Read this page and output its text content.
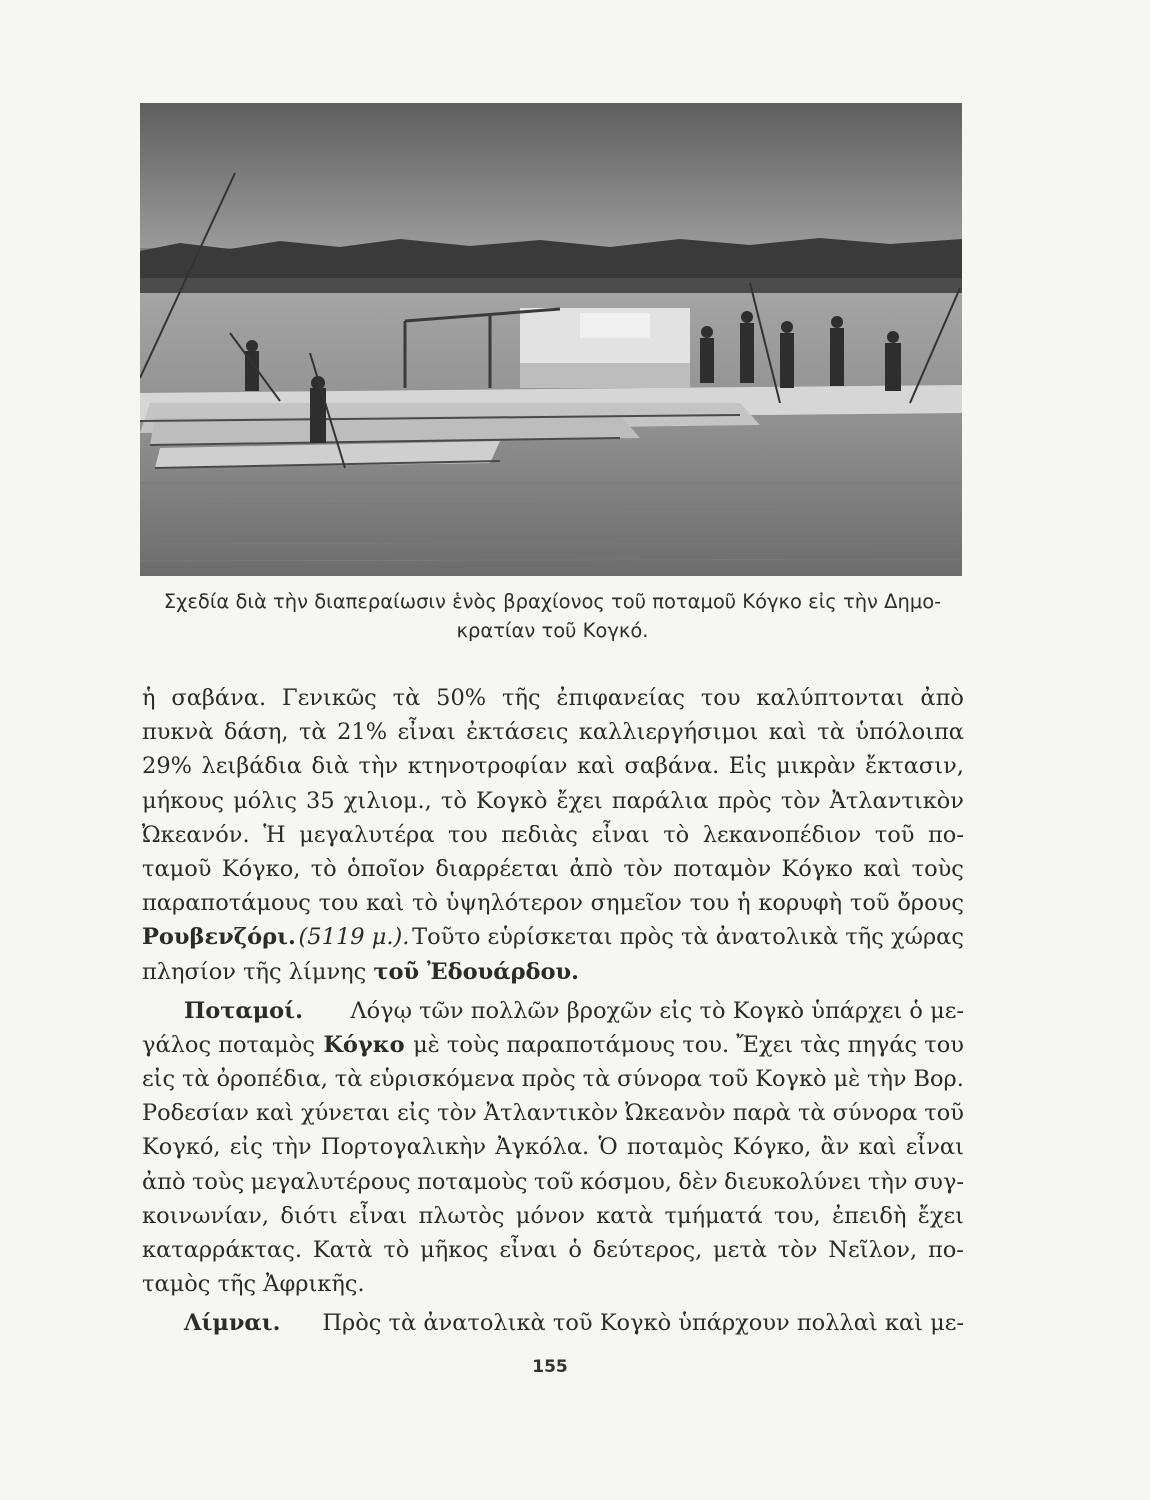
Σχεδία διὰ τὴν διαπεραίωσιν ἑνὸς βραχίονος τοῦ ποταμοῦ Κόγκο εἰς τὴν Δημο-
κρατίαν τοῦ Κογκό.
ἡ σαβάνα. Γενικῶς τὰ 50% τῆς ἐπιφανείας του καλύπτονται ἀπὸ
πυκνὰ δάση, τὰ 21% εἶναι ἐκτάσεις καλλιεργήσιμοι καὶ τὰ ὑπόλοιπα
29% λειβάδια διὰ τὴν κτηνοτροφίαν καὶ σαβάνα. Εἰς μικρὰν ἔκτασιν,
μήκους μόλις 35 χιλιομ., τὸ Κογκὸ ἔχει παράλια πρὸς τὸν Ἀτλαντικὸν
Ὠκεανόν. Ἡ μεγαλυτέρα του πεδιὰς εἶναι τὸ λεκανοπέδιον τοῦ πο-
ταμοῦ Κόγκο, τὸ ὁποῖον διαρρέεται ἀπὸ τὸν ποταμὸν Κόγκο καὶ τοὺς
παραποτάμους του καὶ τὸ ὑψηλότερον σημεῖον του ἡ κορυφὴ τοῦ ὄρους
Ρουβενζόρι. (5119 μ.). Τοῦτο εὑρίσκεται πρὸς τὰ ἀνατολικὰ τῆς χώρας
πλησίον τῆς λίμνης
τοῦ Ἐδουάρδου.
Ποταμοί. Λόγῳ τῶν πολλῶν βροχῶν εἰς τὸ Κογκὸ ὑπάρχει ὁ με-
γάλος ποταμὸς Κόγκο μὲ τοὺς παραποτάμους του. Ἔχει τὰς πηγάς του
εἰς τὰ ὀροπέδια, τὰ εὑρισκόμενα πρὸς τὰ σύνορα τοῦ Κογκὸ μὲ τὴν Βορ.
Ροδεσίαν καὶ χύνεται εἰς τὸν Ἀτλαντικὸν Ὠκεανὸν παρὰ τὰ σύνορα τοῦ
Κογκό, εἰς τὴν Πορτογαλικὴν Ἀγκόλα. Ὁ ποταμὸς Κόγκο, ἂν καὶ εἶναι
ἀπὸ τοὺς μεγαλυτέρους ποταμοὺς τοῦ κόσμου, δὲν διευκολύνει τὴν συγ-
κοινωνίαν, διότι εἶναι πλωτὸς μόνον κατὰ τμήματά του, ἐπειδὴ ἔχει
καταρράκτας. Κατὰ τὸ μῆκος εἶναι ὁ δεύτερος, μετὰ τὸν Νεῖλον, πο-
ταμὸς τῆς Ἀφρικῆς.
Λίμναι. Πρὸς τὰ ἀνατολικὰ τοῦ Κογκὸ ὑπάρχουν πολλαὶ καὶ με-
155
